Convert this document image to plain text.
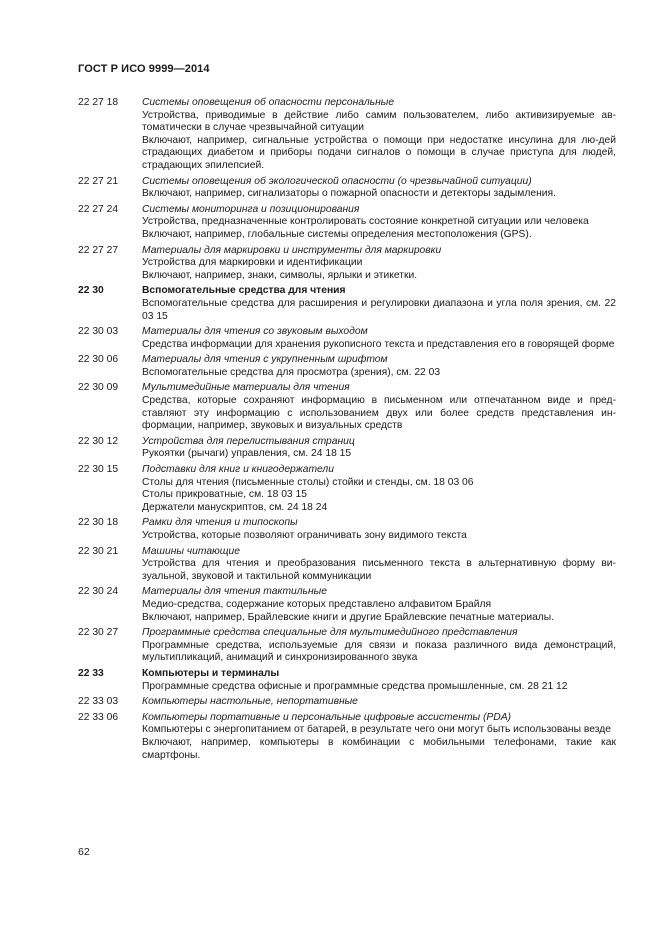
ГОСТ Р ИСО 9999—2014
22 27 18	Системы оповещения об опасности персональные
Устройства, приводимые в действие либо самим пользователем, либо активизируемые ав-томатически в случае чрезвычайной ситуации
Включают, например, сигнальные устройства о помощи при недостатке инсулина для лю-дей страдающих диабетом и приборы подачи сигналов о помощи в случае приступа для людей, страдающих эпилепсией.
22 27 21	Системы оповещения об экологической опасности (о чрезвычайной ситуации)
Включают, например, сигнализаторы о пожарной опасности и детекторы задымления.
22 27 24	Системы мониторинга и позиционирования
Устройства, предназначенные контролировать состояние конкретной ситуации или человека
Включают, например, глобальные системы определения местоположения (GPS).
22 27 27	Материалы для маркировки и инструменты для маркировки
Устройства для маркировки и идентификации
Включают, например, знаки, символы, ярлыки и этикетки.
22 30	Вспомогательные средства для чтения
Вспомогательные средства для расширения и регулировки диапазона и угла поля зрения, см. 22 03 15
22 30 03	Материалы для чтения со звуковым выходом
Средства информации для хранения рукописного текста и представления его в говорящей форме
22 30 06	Материалы для чтения с укрупненным шрифтом
Вспомогательные средства для просмотра (зрения), см. 22 03
22 30 09	Мультимедийные материалы для чтения
Средства, которые сохраняют информацию в письменном или отпечатанном виде и пред-ставляют эту информацию с использованием двух или более средств представления ин-формации, например, звуковых и визуальных средств
22 30 12	Устройства для перелистывания страниц
Рукоятки (рычаги) управления, см. 24 18 15
22 30 15	Подставки для книг и книгодержатели
Столы для чтения (письменные столы) стойки и стенды, см. 18 03 06
Столы прикроватные, см. 18 03 15
Держатели манускриптов, см. 24 18 24
22 30 18	Рамки для чтения и типоскопы
Устройства, которые позволяют ограничивать зону видимого текста
22 30 21	Машины читающие
Устройства для чтения и преобразования письменного текста в альтернативную форму ви-зуальной, звуковой и тактильной коммуникации
22 30 24	Материалы для чтения тактильные
Медио-средства, содержание которых представлено алфавитом Брайля
Включают, например, Брайлевские книги и другие Брайлевские печатные материалы.
22 30 27	Программные средства специальные для мультимедийного представления
Программные средства, используемые для связи и показа различного вида демонстраций, мультипликаций, анимаций и синхронизированного звука
22 33	Компьютеры и терминалы
Программные средства офисные и программные средства промышленные, см. 28 21 12
22 33 03	Компьютеры настольные, непортативные
22 33 06	Компьютеры портативные и персональные цифровые ассистенты (PDA)
Компьютеры с энергопитанием от батарей, в результате чего они могут быть использованы везде
Включают, например, компьютеры в комбинации с мобильными телефонами, такие как смартфоны.
62
